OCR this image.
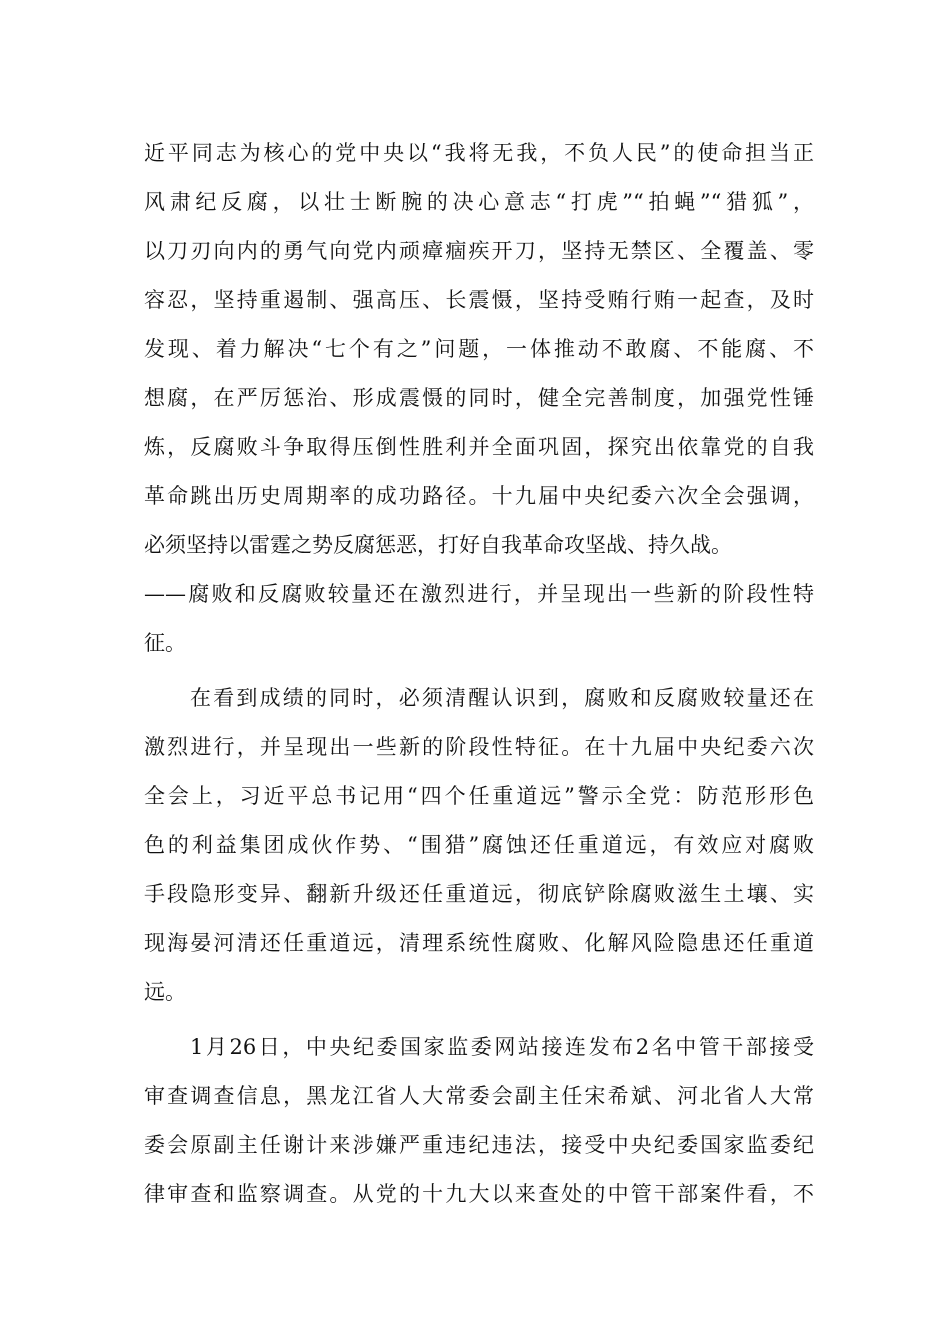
近平同志为核心的党中央以“我将无我，不负人民”的使命担当正
风肃纪反腐，以壮士断腕的决心意志“打虎”“拍蝇”“猎狐”，
以刀刃向内的勇气向党内顽瘴痼疾开刀，坚持无禁区、全覆盖、零
容忍，坚持重遏制、强高压、长震慑，坚持受贿行贿一起查，及时
发现、着力解决“七个有之”问题，一体推动不敢腐、不能腐、不
想腐，在严厉惩治、形成震慑的同时，健全完善制度，加强党性锤
炼，反腐败斗争取得压倒性胜利并全面巩固，探究出依靠党的自我
革命跳出历史周期率的成功路径。十九届中央纪委六次全会强调，
必须坚持以雷霆之势反腐惩恶，打好自我革命攻坚战、持久战。
——腐败和反腐败较量还在激烈进行，并呈现出一些新的阶段性特
征。
在看到成绩的同时，必须清醒认识到，腐败和反腐败较量还在
激烈进行，并呈现出一些新的阶段性特征。在十九届中央纪委六次
全会上，习近平总书记用“四个任重道远”警示全党：防范形形色
色的利益集团成伙作势、“围猎”腐蚀还任重道远，有效应对腐败
手段隐形变异、翻新升级还任重道远，彻底铲除腐败滋生土壤、实
现海晏河清还任重道远，清理系统性腐败、化解风险隐患还任重道
远。
1月26日，中央纪委国家监委网站接连发布2名中管干部接受
审查调查信息，黑龙江省人大常委会副主任宋希斌、河北省人大常
委会原副主任谢计来涉嫌严重违纪违法，接受中央纪委国家监委纪
律审查和监察调查。从党的十九大以来查处的中管干部案件看，不
